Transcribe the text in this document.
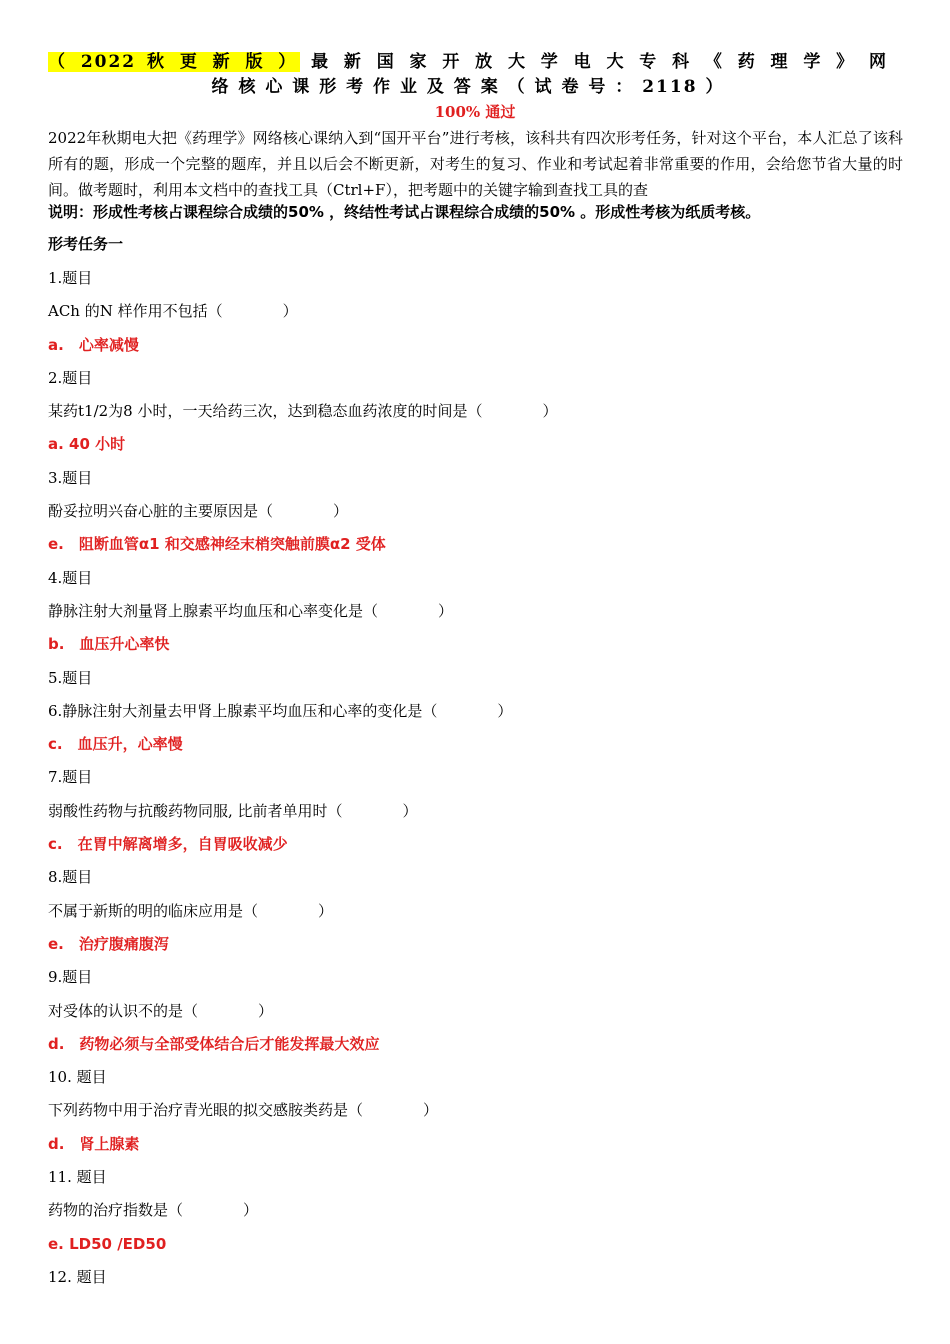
（ 2022 秋 更 新 版 ） 最 新 国 家 开 放 大 学 电 大 专 科 《 药 理 学 》 网
络 核 心 课 形 考 作 业 及 答 案 （ 试 卷 号 ： 2118 ）
100% 通过
2022年秋期电大把《药理学》网络核心课纳入到“国开平台”进行考核，该科共有四次形考任务，针对这个平台，本人汇总了该科所有的题，形成一个完整的题库，并且以后会不断更新，对考生的复习、作业和考试起着非常重要的作用，会给您节省大量的时间。做考题时，利用本文档中的查找工具（Ctrl+F），把考题中的关键字输到查找工具的查
说明：形成性考核占课程综合成绩的50% ，终结性考试占课程综合成绩的50% 。形成性考核为纸质考核。
形考任务一
1.题目
ACh 的N 样作用不包括（　　　　）
a.　心率减慢
2.题目
某药t1/2为8 小时，一天给药三次，达到稳态血药浓度的时间是（　　　　）
a. 40 小时
3.题目
酚妥拉明兴奋心脏的主要原因是（　　　　）
e.　阻断血管α1 和交感神经末梢突触前膜α2 受体
4.题目
静脉注射大剂量肾上腺素平均血压和心率变化是（　　　　）
b.　血压升心率快
5.题目
6.静脉注射大剂量去甲肾上腺素平均血压和心率的变化是（　　　　）
c.　血压升，心率慢
7.题目
弱酸性药物与抗酸药物同服, 比前者单用时（　　　　）
c.　在胃中解离增多，自胃吸收减少
8.题目
不属于新斯的明的临床应用是（　　　　）
e.　治疗腹痛腹泻
9.题目
对受体的认识不的是（　　　　）
d.　药物必须与全部受体结合后才能发挥最大效应
10. 题目
下列药物中用于治疗青光眼的拟交感胺类药是（　　　　）
d.　肾上腺素
11. 题目
药物的治疗指数是（　　　　）
e. LD50 /ED50
12. 题目
